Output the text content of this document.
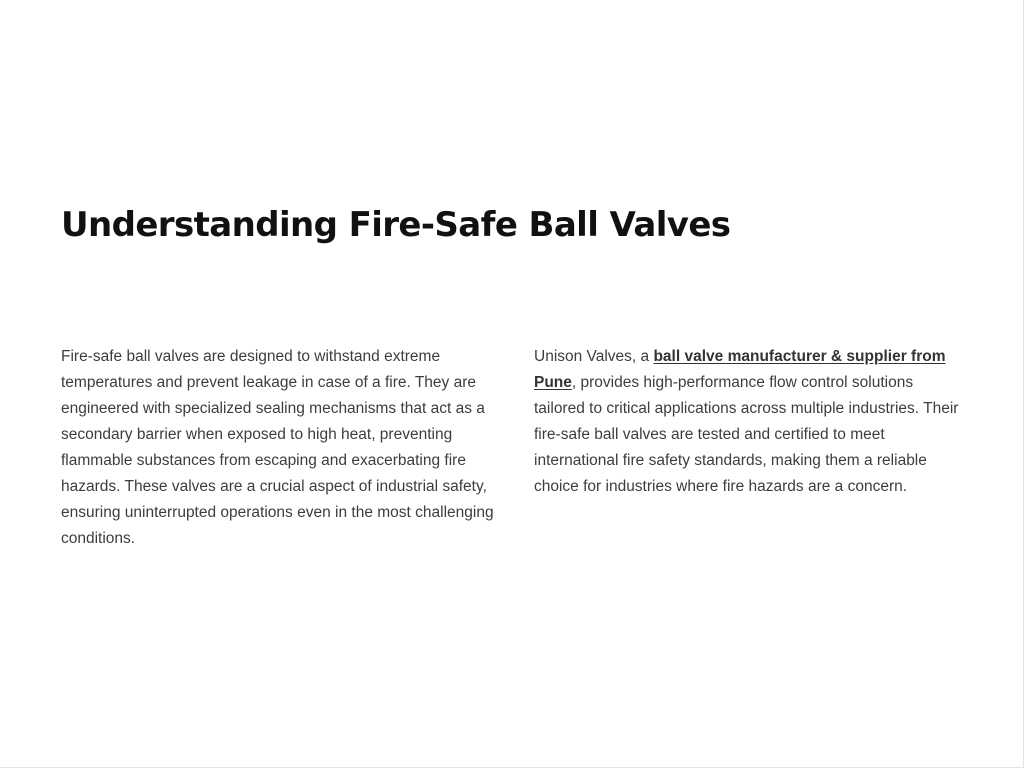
Understanding Fire-Safe Ball Valves

Fire-safe ball valves are designed to withstand extreme temperatures and prevent leakage in case of a fire. They are engineered with specialized sealing mechanisms that act as a secondary barrier when exposed to high heat, preventing flammable substances from escaping and exacerbating fire hazards. These valves are a crucial aspect of industrial safety, ensuring uninterrupted operations even in the most challenging conditions.

Unison Valves, a ball valve manufacturer & supplier from Pune, provides high-performance flow control solutions tailored to critical applications across multiple industries. Their fire-safe ball valves are tested and certified to meet international fire safety standards, making them a reliable choice for industries where fire hazards are a concern.
